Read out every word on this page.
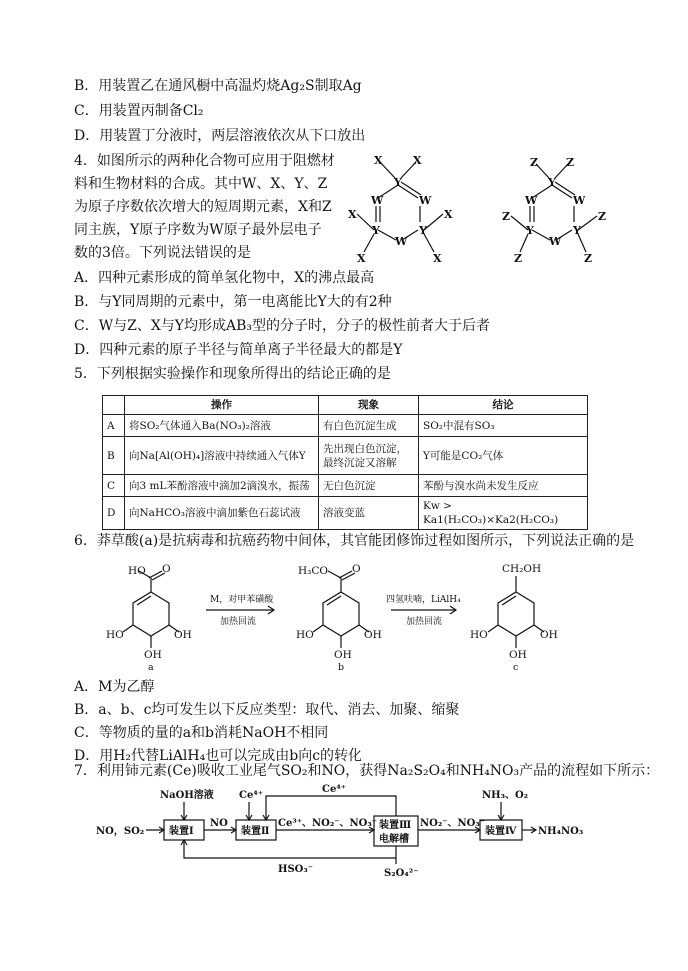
B．用装置乙在通风橱中高温灼烧Ag₂S制取Ag
C．用装置丙制备Cl₂
D．用装置丁分液时，两层溶液依次从下口放出
4．如图所示的两种化合物可应用于阻燃材
料和生物材料的合成。其中W、X、Y、Z
为原子序数依次增大的短周期元素，X和Z
同主族，Y原子序数为W原子最外层电子
数的3倍。下列说法错误的是
X	X
Y
W	W
X	X
Y	Y
W
X	X
Z	Z
Y
W	W
Z	Z
Y	Y
W
Z	Z
A．四种元素形成的简单氢化物中，X的沸点最高
B．与Y同周期的元素中，第一电离能比Y大的有2种
C．W与Z、X与Y均形成AB₃型的分子时，分子的极性前者大于后者
D．四种元素的原子半径与简单离子半径最大的都是Y
5．下列根据实验操作和现象所得出的结论正确的是
	操作	现象	结论
A	将SO₂气体通入Ba(NO₃)₂溶液	有白色沉淀生成	SO₂中混有SO₃
B	向Na[Al(OH)₄]溶液中持续通入气体Y	先出现白色沉淀，
最终沉淀又溶解	Y可能是CO₂气体
C	向3 mL苯酚溶液中滴加2滴溴水，振荡	无白色沉淀	苯酚与溴水尚未发生反应
D	向NaHCO₃溶液中滴加紫色石蕊试液	溶液变蓝	Kw > Ka1(H₂CO₃)×Ka2(H₂CO₃)
6．莽草酸(a)是抗病毒和抗癌药物中间体，其官能团修饰过程如图所示，下列说法正确的是
HO O
HO	OH
OH
a
M，对甲苯磺酸
加热回流
H₃CO O
HO	OH
OH
b
四氢呋喃，LiAlH₄
加热回流
CH₂OH
HO	OH
OH
c
A．M为乙醇
B．a、b、c均可发生以下反应类型：取代、消去、加聚、缩聚
C．等物质的量的a和b消耗NaOH不相同
D．用H₂代替LiAlH₄也可以完成由b向c的转化
7．利用铈元素(Ce)吸收工业尾气SO₂和NO，获得Na₂S₂O₄和NH₄NO₃产品的流程如下所示：
NaOH溶液	Ce⁴⁺
Ce⁴⁺
NO，SO₂ 装置Ⅰ
NO
装置Ⅱ
Ce³⁺、NO₂⁻、NO₃⁻ 装置Ⅲ
电解槽
NO₂⁻、NO₃⁻
NH₃、O₂
装置Ⅳ NH₄NO₃
HSO₃⁻	S₂O₄²⁻
